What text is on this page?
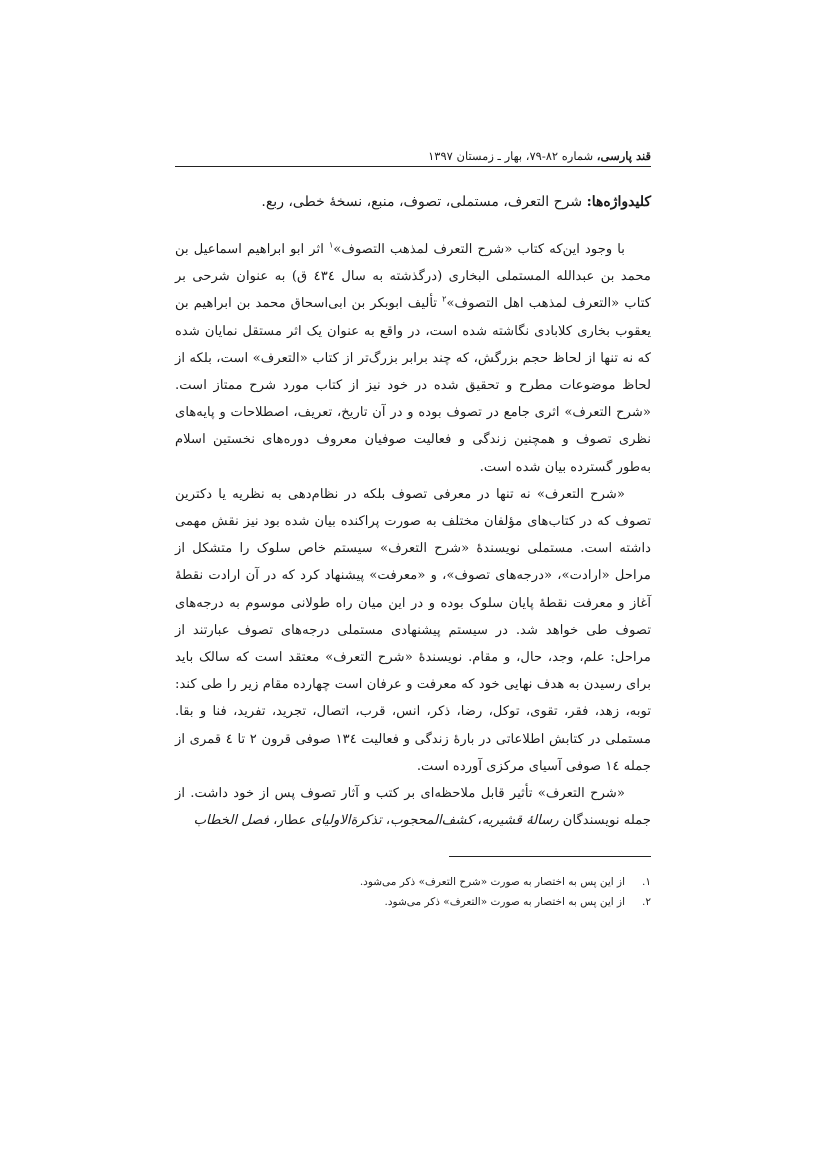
قند پارسی، شماره ۸۲-۷۹، بهار ـ زمستان ۱۳۹۷
کلیدواژه‌ها: شرح التعرف، مستملی، تصوف، منبع، نسخهٔ خطی، ربع.

با وجود این‌که کتاب «شرح التعرف لمذهب التصوف»$^۱$ اثر ابو ابراهیم اسماعیل بن محمد بن عبدالله المستملی البخاری (درگذشته به سال ٤٣٤ ق) به عنوان شرحی بر کتاب «التعرف لمذهب اهل التصوف»$^۲$ تألیف ابوبکر بن ابی‌اسحاق محمد بن ابراهیم بن یعقوب بخاری کلابادی نگاشته شده است، در واقع به عنوان یک اثر مستقل نمایان شده که نه تنها از لحاظ حجم بزرگش، که چند برابر بزرگ‌تر از کتاب «التعرف» است، بلکه از لحاظ موضوعات مطرح و تحقیق شده در خود نیز از کتاب مورد شرح ممتاز است. «شرح التعرف» اثری جامع در تصوف بوده و در آن تاریخ، تعریف، اصطلاحات و پایه‌های نظری تصوف و همچنین زندگی و فعالیت صوفیان معروف دوره‌های نخستین اسلام به‌طور گسترده بیان شده است.

«شرح التعرف» نه تنها در معرفی تصوف بلکه در نظام‌دهی به نظریه یا دکترین تصوف که در کتاب‌های مؤلفان مختلف به صورت پراکنده بیان شده بود نیز نقش مهمی داشته است. مستملی نویسندهٔ «شرح التعرف» سیستم خاص سلوک را متشکل از مراحل «ارادت»، «درجه‌های تصوف»، و «معرفت» پیشنهاد کرد که در آن ارادت نقطهٔ آغاز و معرفت نقطهٔ پایان سلوک بوده و در این میان راه طولانی موسوم به درجه‌های تصوف طی خواهد شد. در سیستم پیشنهادی مستملی درجه‌های تصوف عبارتند از مراحل: علم، وجد، حال، و مقام. نویسندهٔ «شرح التعرف» معتقد است که سالک باید برای رسیدن به هدف نهایی خود که معرفت و عرفان است چهارده مقام زیر را طی کند: توبه، زهد، فقر، تقوی، توکل، رضا، ذکر، انس، قرب، اتصال، تجرید، تفرید، فنا و بقا. مستملی در کتابش اطلاعاتی در بارهٔ زندگی و فعالیت ١٣٤ صوفی قرون ٢ تا ٤ قمری از جمله ١٤ صوفی آسیای مرکزی آورده است.

«شرح التعرف» تأثیر قابل ملاحظه‌ای بر کتب و آثار تصوف پس از خود داشت. از جمله نویسندگان رسالهٔ قشیریه، کشف‌المحجوب، تذکرةالاولیای عطار، فصل الخطاب

۱.
از این پس به اختصار به صورت «شرح التعرف» ذکر می‌شود.
۲.
از این پس به اختصار به صورت «التعرف» ذکر می‌شود.
